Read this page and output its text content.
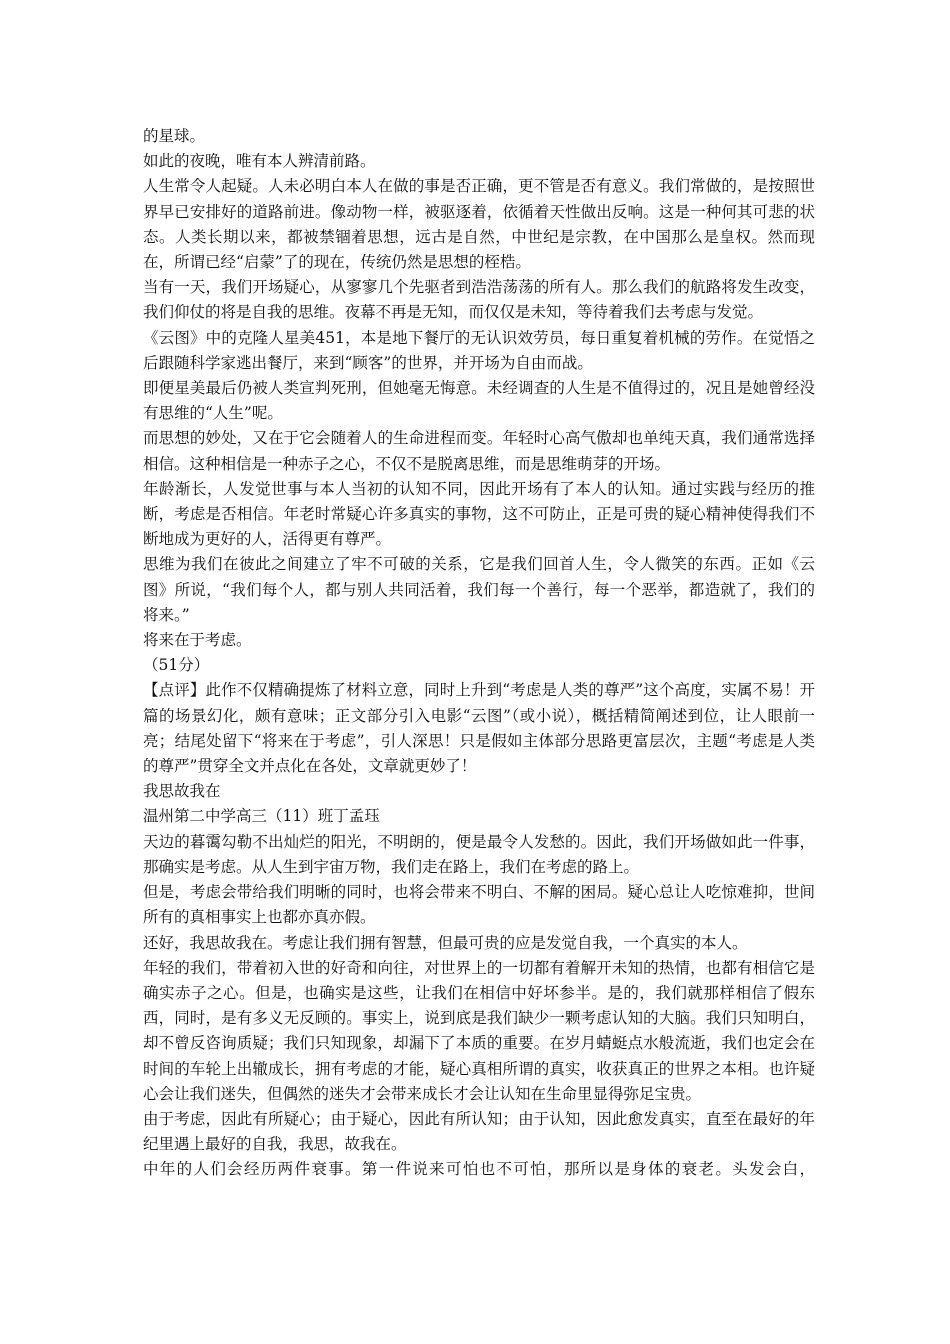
的星球。

如此的夜晚，唯有本人辨清前路。

人生常令人起疑。人未必明白本人在做的事是否正确，更不管是否有意义。我们常做的，是按照世界早已安排好的道路前进。像动物一样，被驱逐着，依循着天性做出反响。这是一种何其可悲的状态。人类长期以来，都被禁锢着思想，远古是自然，中世纪是宗教，在中国那么是皇权。然而现在，所谓已经“启蒙”了的现在，传统仍然是思想的桎梏。

当有一天，我们开场疑心，从寥寥几个先驱者到浩浩荡荡的所有人。那么我们的航路将发生改变，我们仰仗的将是自我的思维。夜幕不再是无知，而仅仅是未知，等待着我们去考虑与发觉。

《云图》中的克隆人星美451，本是地下餐厅的无认识效劳员，每日重复着机械的劳作。在觉悟之后跟随科学家逃出餐厅，来到“顾客”的世界，并开场为自由而战。

即便星美最后仍被人类宣判死刑，但她毫无悔意。未经调查的人生是不值得过的，况且是她曾经没有思维的“人生”呢。

而思想的妙处，又在于它会随着人的生命进程而变。年轻时心高气傲却也单纯天真，我们通常选择相信。这种相信是一种赤子之心，不仅不是脱离思维，而是思维萌芽的开场。

年龄渐长，人发觉世事与本人当初的认知不同，因此开场有了本人的认知。通过实践与经历的推断，考虑是否相信。年老时常疑心许多真实的事物，这不可防止，正是可贵的疑心精神使得我们不断地成为更好的人，活得更有尊严。

思维为我们在彼此之间建立了牢不可破的关系，它是我们回首人生，令人微笑的东西。正如《云图》所说，“我们每个人，都与别人共同活着，我们每一个善行，每一个恶举，都造就了，我们的将来。”

将来在于考虑。

（51分）

【点评】此作不仅精确提炼了材料立意，同时上升到“考虑是人类的尊严”这个高度，实属不易！开篇的场景幻化，颇有意味；正文部分引入电影“云图”（或小说），概括精简阐述到位，让人眼前一亮；结尾处留下“将来在于考虑”，引人深思！只是假如主体部分思路更富层次，主题“考虑是人类的尊严”贯穿全文并点化在各处，文章就更妙了！

我思故我在

温州第二中学高三（11）班丁孟珏

天边的暮霭勾勒不出灿烂的阳光，不明朗的，便是最令人发愁的。因此，我们开场做如此一件事，那确实是考虑。从人生到宇宙万物，我们走在路上，我们在考虑的路上。

但是，考虑会带给我们明晰的同时，也将会带来不明白、不解的困局。疑心总让人吃惊难抑，世间所有的真相事实上也都亦真亦假。

还好，我思故我在。考虑让我们拥有智慧，但最可贵的应是发觉自我，一个真实的本人。

年轻的我们，带着初入世的好奇和向往，对世界上的一切都有着解开未知的热情，也都有相信它是确实赤子之心。但是，也确实是这些，让我们在相信中好坏参半。是的，我们就那样相信了假东西，同时，是有多义无反顾的。事实上，说到底是我们缺少一颗考虑认知的大脑。我们只知明白，却不曾反咨询质疑；我们只知现象，却漏下了本质的重要。在岁月蜻蜓点水般流逝，我们也定会在时间的车轮上出辙成长，拥有考虑的才能，疑心真相所谓的真实，收获真正的世界之本相。也许疑心会让我们迷失，但偶然的迷失才会带来成长才会让认知在生命里显得弥足宝贵。

由于考虑，因此有所疑心；由于疑心，因此有所认知；由于认知，因此愈发真实，直至在最好的年纪里遇上最好的自我，我思，故我在。

中年的人们会经历两件衰事。第一件说来可怕也不可怕，那所以是身体的衰老。头发会白，
